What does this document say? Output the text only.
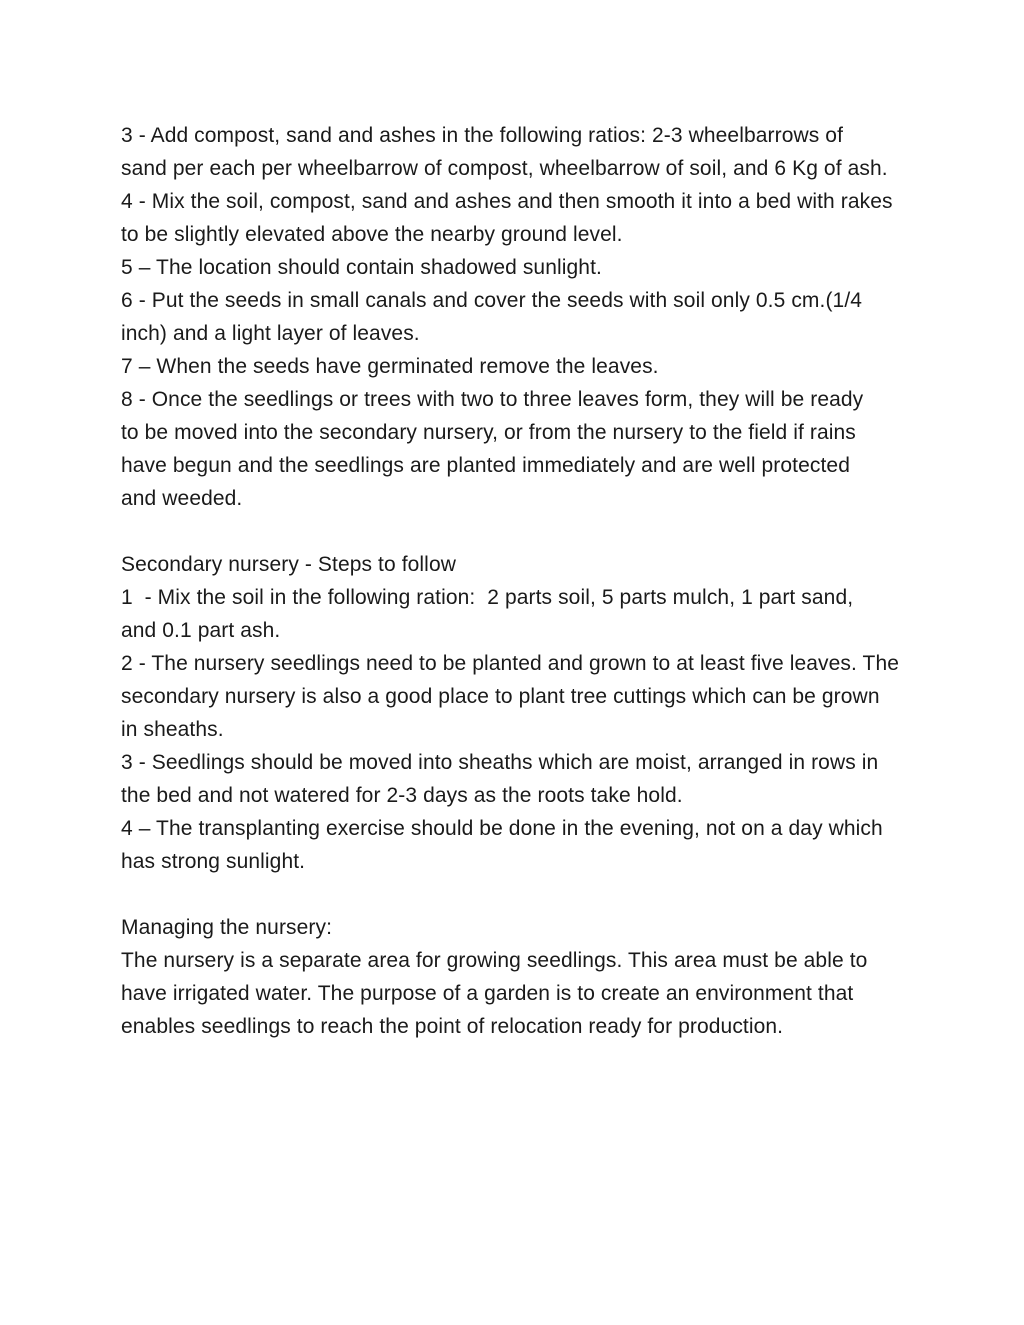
3 - Add compost, sand and ashes in the following ratios: 2-3 wheelbarrows of
sand per each per wheelbarrow of compost, wheelbarrow of soil, and 6 Kg of ash.
4 - Mix the soil, compost, sand and ashes and then smooth it into a bed with rakes
to be slightly elevated above the nearby ground level.
5 – The location should contain shadowed sunlight.
6 - Put the seeds in small canals and cover the seeds with soil only 0.5 cm.(1/4
inch) and a light layer of leaves.
7 – When the seeds have germinated remove the leaves.
8 - Once the seedlings or trees with two to three leaves form, they will be ready
to be moved into the secondary nursery, or from the nursery to the field if rains
have begun and the seedlings are planted immediately and are well protected
and weeded.
Secondary nursery - Steps to follow
1  - Mix the soil in the following ration:  2 parts soil, 5 parts mulch, 1 part sand,
and 0.1 part ash.
2 - The nursery seedlings need to be planted and grown to at least five leaves. The
secondary nursery is also a good place to plant tree cuttings which can be grown
in sheaths.
3 - Seedlings should be moved into sheaths which are moist, arranged in rows in
the bed and not watered for 2-3 days as the roots take hold.
4 – The transplanting exercise should be done in the evening, not on a day which
has strong sunlight.
Managing the nursery:
The nursery is a separate area for growing seedlings. This area must be able to
have irrigated water. The purpose of a garden is to create an environment that
enables seedlings to reach the point of relocation ready for production.
